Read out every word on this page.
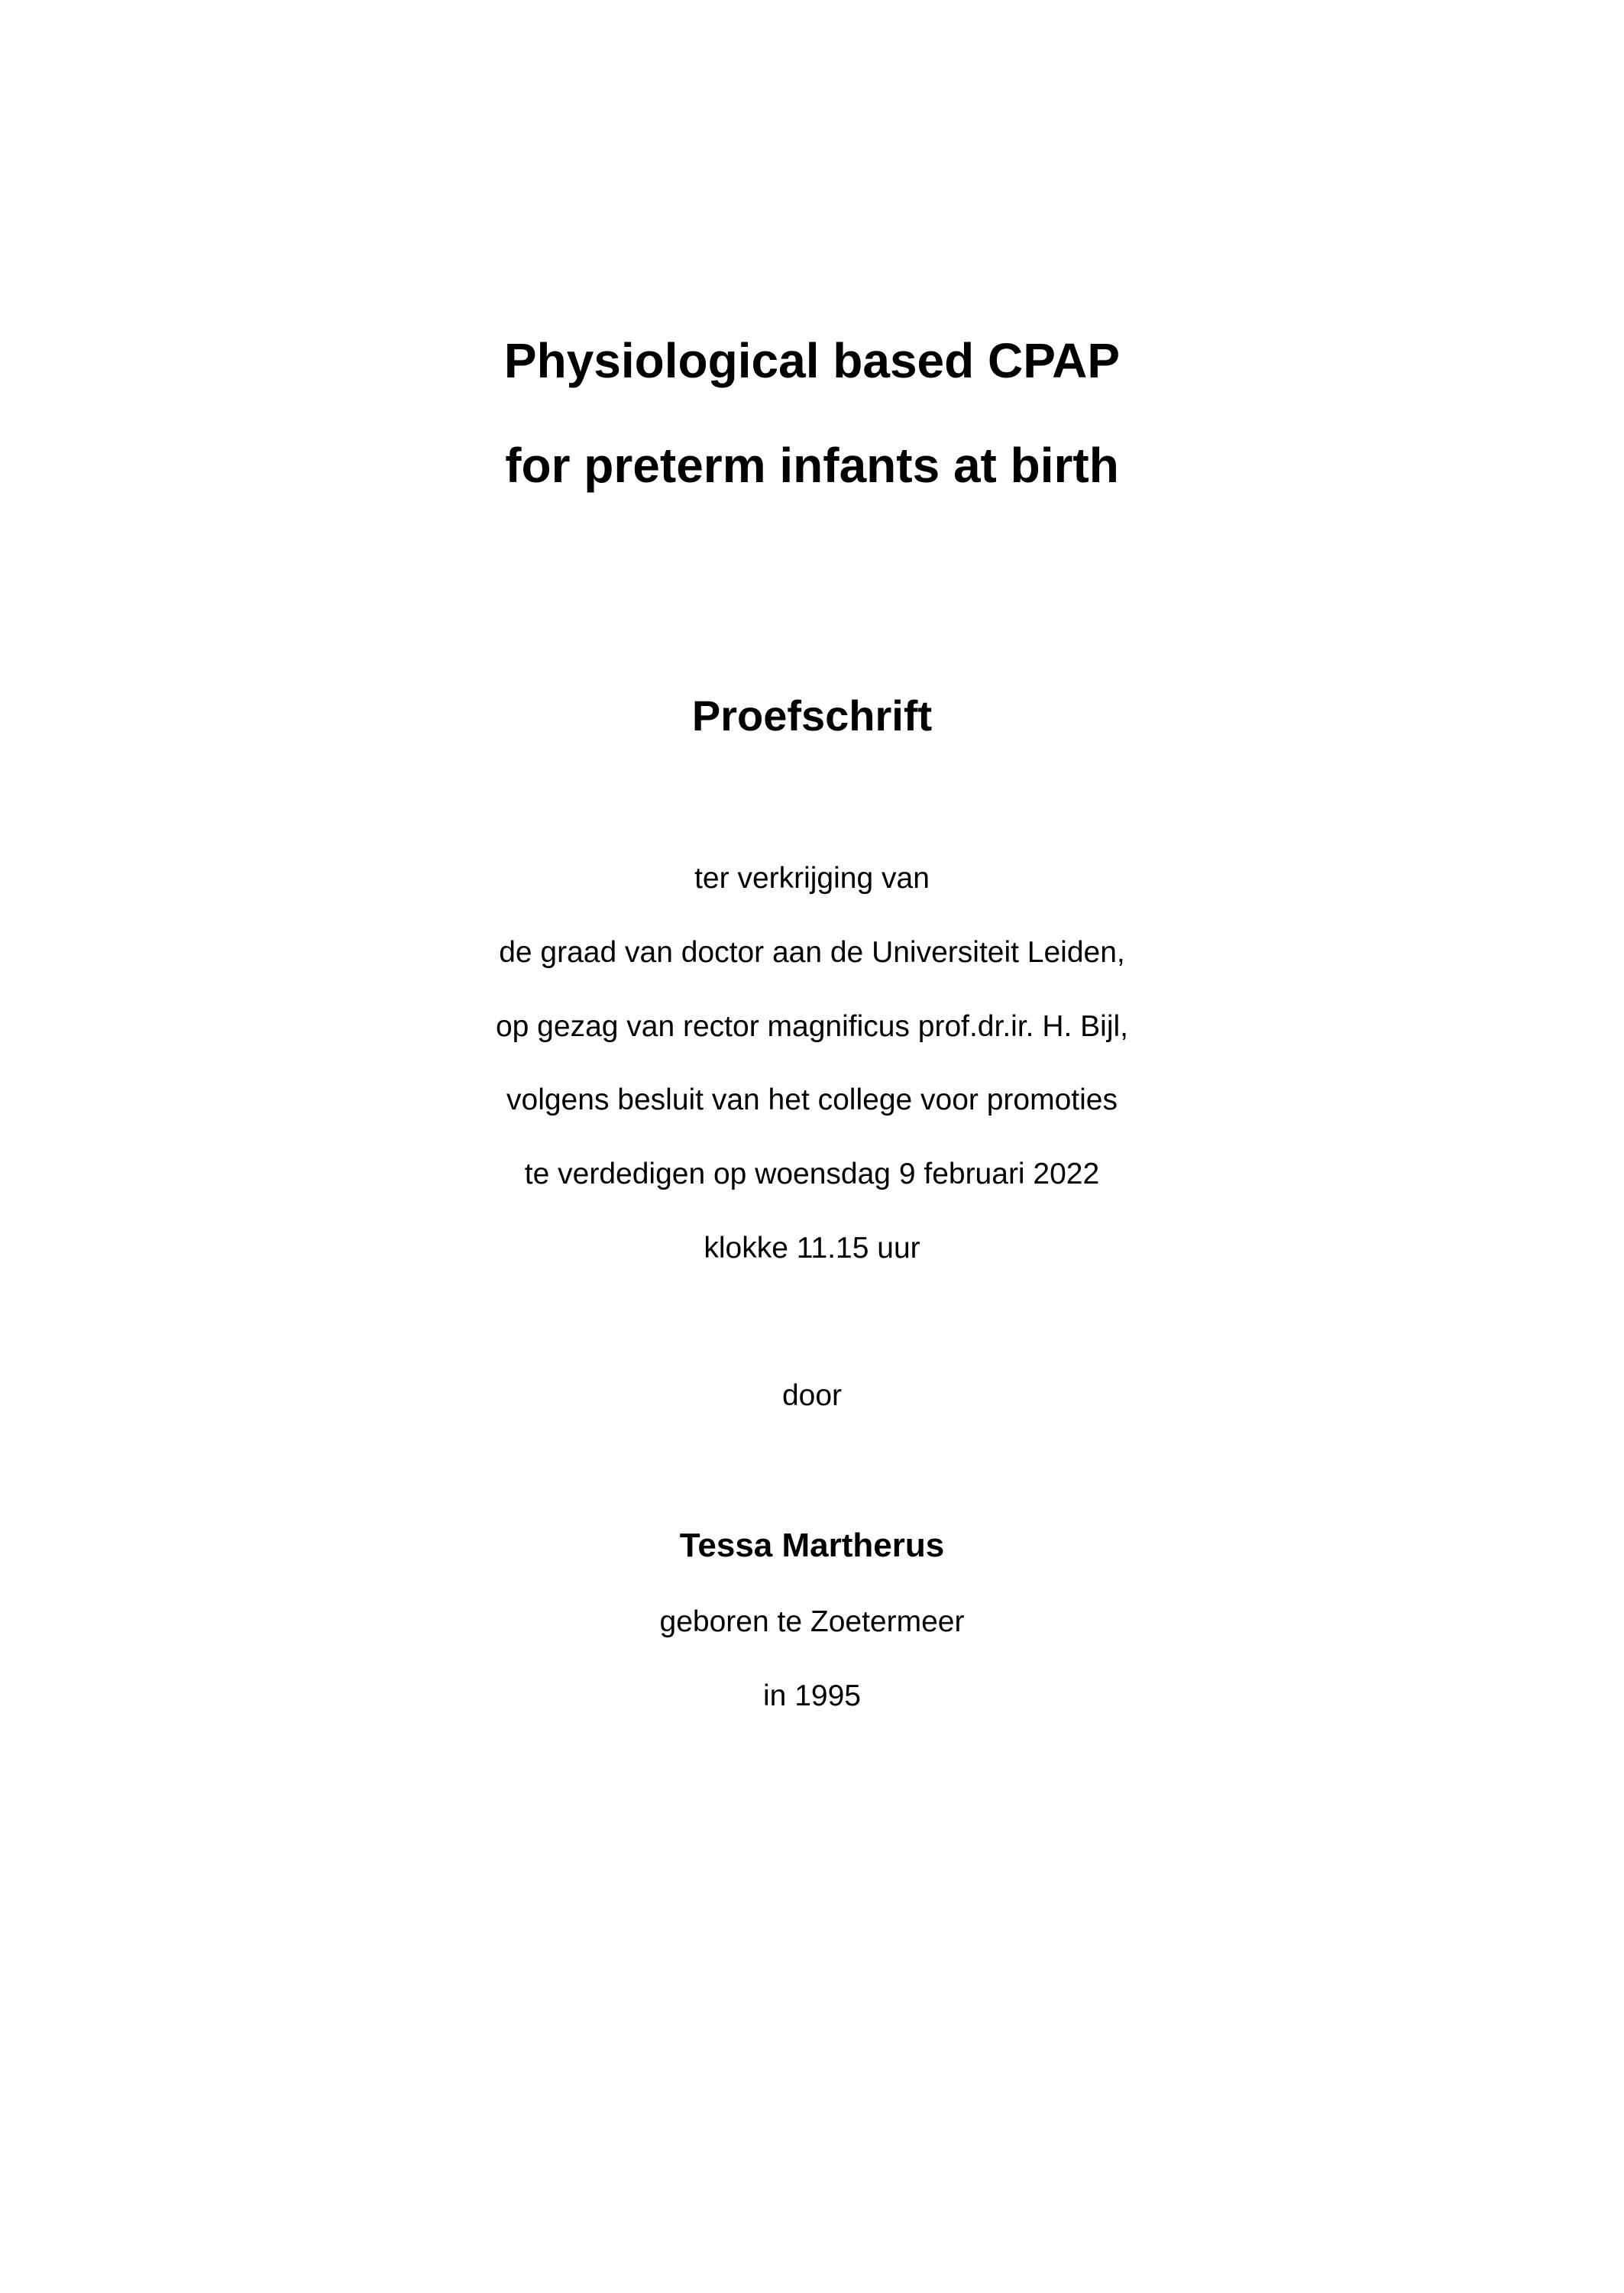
Physiological based CPAP
for preterm infants at birth
Proefschrift
ter verkrijging van
de graad van doctor aan de Universiteit Leiden,
op gezag van rector magnificus prof.dr.ir. H. Bijl,
volgens besluit van het college voor promoties
te verdedigen op woensdag 9 februari 2022
klokke 11.15 uur
door
Tessa Martherus
geboren te Zoetermeer
in 1995
